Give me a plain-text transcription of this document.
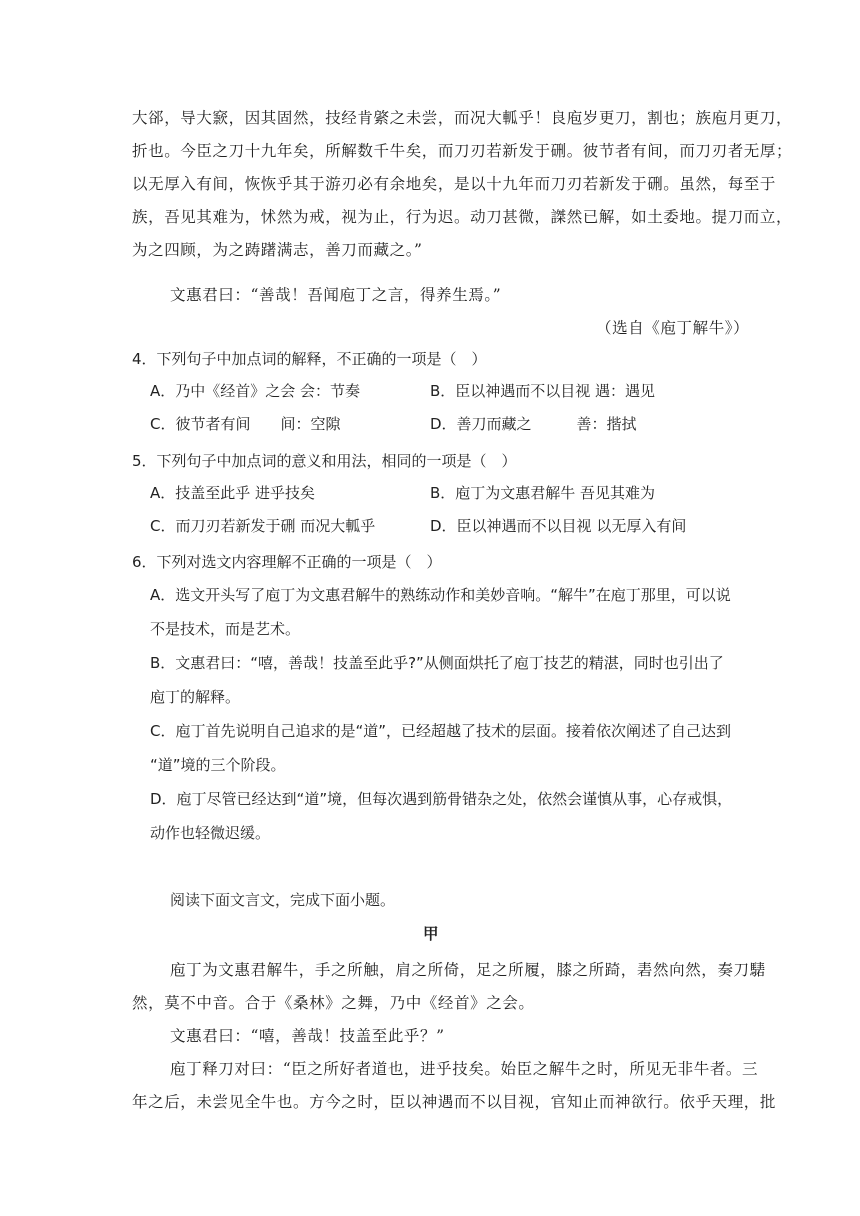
大郤，导大窾，因其固然，技经肯綮之未尝，而况大軱乎！良庖岁更刀，割也；族庖月更刀，
折也。今臣之刀十九年矣，所解数千牛矣，而刀刃若新发于硎。彼节者有间，而刀刃者无厚；
以无厚入有间，恢恢乎其于游刃必有余地矣，是以十九年而刀刃若新发于硎。虽然，每至于
族，吾见其难为，怵然为戒，视为止，行为迟。动刀甚微，謋然已解，如土委地。提刀而立，
为之四顾，为之踌躇满志，善刀而藏之。”
文惠君曰：“善哉！吾闻庖丁之言，得养生焉。”
（选自《庖丁解牛》）
4．下列句子中加点词的解释，不正确的一项是（　）
A．乃中《经首》之会 会：节奏	B．臣以神遇而不以目视 遇：遇见
C．彼节者有间　　间：空隙	D．善刀而藏之　　　善：揩拭
5．下列句子中加点词的意义和用法，相同的一项是（　）
A．技盖至此乎 进乎技矣	B．庖丁为文惠君解牛 吾见其难为
C．而刀刃若新发于硎 而况大軱乎	D．臣以神遇而不以目视 以无厚入有间
6．下列对选文内容理解不正确的一项是（　）
A．选文开头写了庖丁为文惠君解牛的熟练动作和美妙音响。“解牛”在庖丁那里，可以说
不是技术，而是艺术。
B．文惠君曰：“嘻，善哉！技盖至此乎?”从侧面烘托了庖丁技艺的精湛，同时也引出了
庖丁的解释。
C．庖丁首先说明自己追求的是“道”，已经超越了技术的层面。接着依次阐述了自己达到
“道”境的三个阶段。
D．庖丁尽管已经达到“道”境，但每次遇到筋骨错杂之处，依然会谨慎从事，心存戒惧，
动作也轻微迟缓。
阅读下面文言文，完成下面小题。
甲
庖丁为文惠君解牛，手之所触，肩之所倚，足之所履，膝之所踦，砉然向然，奏刀騞
然，莫不中音。合于《桑林》之舞，乃中《经首》之会。
文惠君曰：“嘻，善哉！技盖至此乎？”
庖丁释刀对曰：“臣之所好者道也，进乎技矣。始臣之解牛之时，所见无非牛者。三
年之后，未尝见全牛也。方今之时，臣以神遇而不以目视，官知止而神欲行。依乎天理，批
